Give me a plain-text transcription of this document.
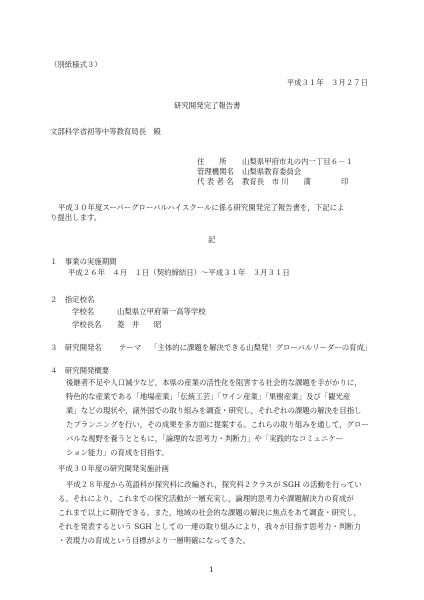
（別紙様式３）
平成３１年　３月２７日
研究開発完了報告書
文部科学省初等中等教育局長　殿
住　　所 山梨県甲府市丸の内一丁目６－１
管理機関名 山梨県教育委員会
代 表 者 名 教育長　市 川　　満	印
平成３０年度スーパーグローバルハイスクールに係る研究開発完了報告書を，下記によ
り提出します。
記
１　事業の実施期間
平成２６年　４月　１日（契約締結日）～平成３１年　３月３１日
２　指定校名
学校名	山梨県立甲府第一高等学校
学校長名 菱　井　　昭
３　研究開発名 テーマ 「主体的に課題を解決できる山梨発！グローバルリーダーの育成」
４　研究開発概要
後継者不足や人口減少など，本県の産業の活性化を阻害する社会的な課題を手がかりに，
特色的な産業である「地場産業」「伝統工芸」「ワイン産業」「果樹産業」及び「観光産
業」などの現状や，諸外国での取り組みを調査・研究し，それぞれの課題の解決を目指し
たプランニングを行い，その成果を多方面に提案する。これらの取り組みを通して，グロー
バルな視野を養うとともに，「論理的な思考力・判断力」や「実践的なコミュニケー
ション能力」の育成を目指す。
平成３０年度の研究開発実施計画
平成２８年度から英語科が探究科に改編され，探究科２クラスが SGH の活動を行ってい
る。それにより，これまでの探究活動が一層充実し，論理的思考力や課題解決力の育成が
これまで以上に期待できる。また，地域の社会的な課題の解決に焦点をあて調査・研究し，
それを発表するという SGH としての一連の取り組みにより，我々が目指す思考力・判断力
・表現力の育成という目標がより一層明確になってきた。
1
